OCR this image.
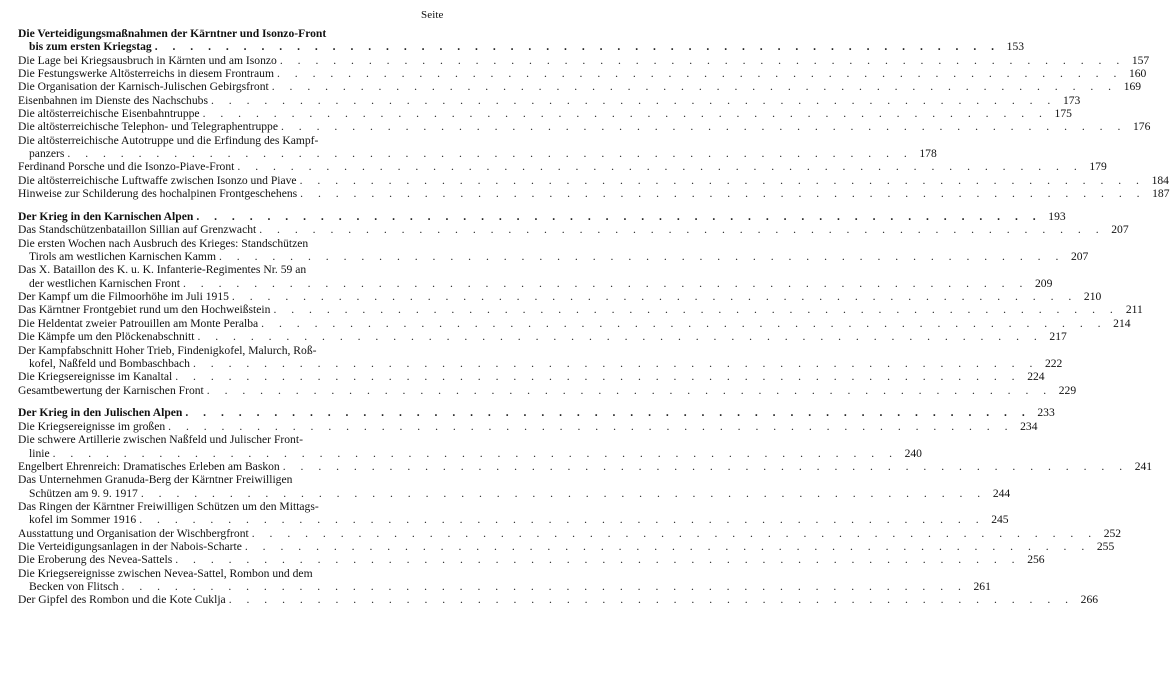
Seite
Die Verteidigungsmaßnahmen der Kärntner und Isonzo-Front
bis zum ersten Kriegstag . . . . . . . . . . . . . . . . . . . . . . . . . . . . . . . . . . . . . . . . . . . . . . . . 153
Die Lage bei Kriegsausbruch in Kärnten und am Isonzo . . . . . . . . . . . . . . . . . . . . . . . . . . . . . . . . . . . . . . . . . . . . . . . . 157
Die Festungswerke Altösterreichs in diesem Frontraum . . . . . . . . . . . . . . . . . . . . . . . . . . . . . . . . . . . . . . . . . . . . . . . . 160
Die Organisation der Karnisch-Julischen Gebirgsfront . . . . . . . . . . . . . . . . . . . . . . . . . . . . . . . . . . . . . . . . . . . . . . . . 169
Eisenbahnen im Dienste des Nachschubs . . . . . . . . . . . . . . . . . . . . . . . . . . . . . . . . . . . . . . . . . . . . . . . . 173
Die altösterreichische Eisenbahntruppe . . . . . . . . . . . . . . . . . . . . . . . . . . . . . . . . . . . . . . . . . . . . . . . . 175
Die altösterreichische Telephon- und Telegraphentruppe . . . . . . . . . . . . . . . . . . . . . . . . . . . . . . . . . . . . . . . . . . . . . . . . 176
Die altösterreichische Autotruppe und die Erfindung des Kampf-
panzers . . . . . . . . . . . . . . . . . . . . . . . . . . . . . . . . . . . . . . . . . . . . . . . . 178
Ferdinand Porsche und die Isonzo-Piave-Front . . . . . . . . . . . . . . . . . . . . . . . . . . . . . . . . . . . . . . . . . . . . . . . . 179
Die altösterreichische Luftwaffe zwischen Isonzo und Piave . . . . . . . . . . . . . . . . . . . . . . . . . . . . . . . . . . . . . . . . . . . . . . . . 184
Hinweise zur Schilderung des hochalpinen Frontgeschehens . . . . . . . . . . . . . . . . . . . . . . . . . . . . . . . . . . . . . . . . . . . . . . . . 187
Der Krieg in den Karnischen Alpen . . . . . . . . . . . . . . . . . . . . . . . . . . . . . . . . . . . . . . . . . . . . . . . . 193
Das Standschützenbataillon Sillian auf Grenzwacht . . . . . . . . . . . . . . . . . . . . . . . . . . . . . . . . . . . . . . . . . . . . . . . . 207
Die ersten Wochen nach Ausbruch des Krieges: Standschützen
Tirols am westlichen Karnischen Kamm . . . . . . . . . . . . . . . . . . . . . . . . . . . . . . . . . . . . . . . . . . . . . . . . 207
Das X. Bataillon des K. u. K. Infanterie-Regimentes Nr. 59 an
der westlichen Karnischen Front . . . . . . . . . . . . . . . . . . . . . . . . . . . . . . . . . . . . . . . . . . . . . . . . 209
Der Kampf um die Filmoorhöhe im Juli 1915 . . . . . . . . . . . . . . . . . . . . . . . . . . . . . . . . . . . . . . . . . . . . . . . . 210
Das Kärntner Frontgebiet rund um den Hochweißstein . . . . . . . . . . . . . . . . . . . . . . . . . . . . . . . . . . . . . . . . . . . . . . . . 211
Die Heldentat zweier Patrouillen am Monte Peralba . . . . . . . . . . . . . . . . . . . . . . . . . . . . . . . . . . . . . . . . . . . . . . . . 214
Die Kämpfe um den Plöckenabschnitt . . . . . . . . . . . . . . . . . . . . . . . . . . . . . . . . . . . . . . . . . . . . . . . . 217
Der Kampfabschnitt Hoher Trieb, Findenigkofel, Malurch, Roß-
kofel, Naßfeld und Bombaschbach . . . . . . . . . . . . . . . . . . . . . . . . . . . . . . . . . . . . . . . . . . . . . . . . 222
Die Kriegsereignisse im Kanaltal . . . . . . . . . . . . . . . . . . . . . . . . . . . . . . . . . . . . . . . . . . . . . . . . 224
Gesamtbewertung der Karnischen Front . . . . . . . . . . . . . . . . . . . . . . . . . . . . . . . . . . . . . . . . . . . . . . . . 229
Der Krieg in den Julischen Alpen . . . . . . . . . . . . . . . . . . . . . . . . . . . . . . . . . . . . . . . . . . . . . . . . 233
Die Kriegsereignisse im großen . . . . . . . . . . . . . . . . . . . . . . . . . . . . . . . . . . . . . . . . . . . . . . . . 234
Die schwere Artillerie zwischen Naßfeld und Julischer Front-
linie . . . . . . . . . . . . . . . . . . . . . . . . . . . . . . . . . . . . . . . . . . . . . . . . 240
Engelbert Ehrenreich: Dramatisches Erleben am Baskon . . . . . . . . . . . . . . . . . . . . . . . . . . . . . . . . . . . . . . . . . . . . . . . . 241
Das Unternehmen Granuda-Berg der Kärntner Freiwilligen
Schützen am 9. 9. 1917 . . . . . . . . . . . . . . . . . . . . . . . . . . . . . . . . . . . . . . . . . . . . . . . . 244
Das Ringen der Kärntner Freiwilligen Schützen um den Mittags-
kofel im Sommer 1916 . . . . . . . . . . . . . . . . . . . . . . . . . . . . . . . . . . . . . . . . . . . . . . . . 245
Ausstattung und Organisation der Wischbergfront . . . . . . . . . . . . . . . . . . . . . . . . . . . . . . . . . . . . . . . . . . . . . . . . 252
Die Verteidigungsanlagen in der Nabois-Scharte . . . . . . . . . . . . . . . . . . . . . . . . . . . . . . . . . . . . . . . . . . . . . . . . 255
Die Eroberung des Nevea-Sattels . . . . . . . . . . . . . . . . . . . . . . . . . . . . . . . . . . . . . . . . . . . . . . . . 256
Die Kriegsereignisse zwischen Nevea-Sattel, Rombon und dem
Becken von Flitsch . . . . . . . . . . . . . . . . . . . . . . . . . . . . . . . . . . . . . . . . . . . . . . . . 261
Der Gipfel des Rombon und die Kote Cuklja . . . . . . . . . . . . . . . . . . . . . . . . . . . . . . . . . . . . . . . . . . . . . . . . 266
